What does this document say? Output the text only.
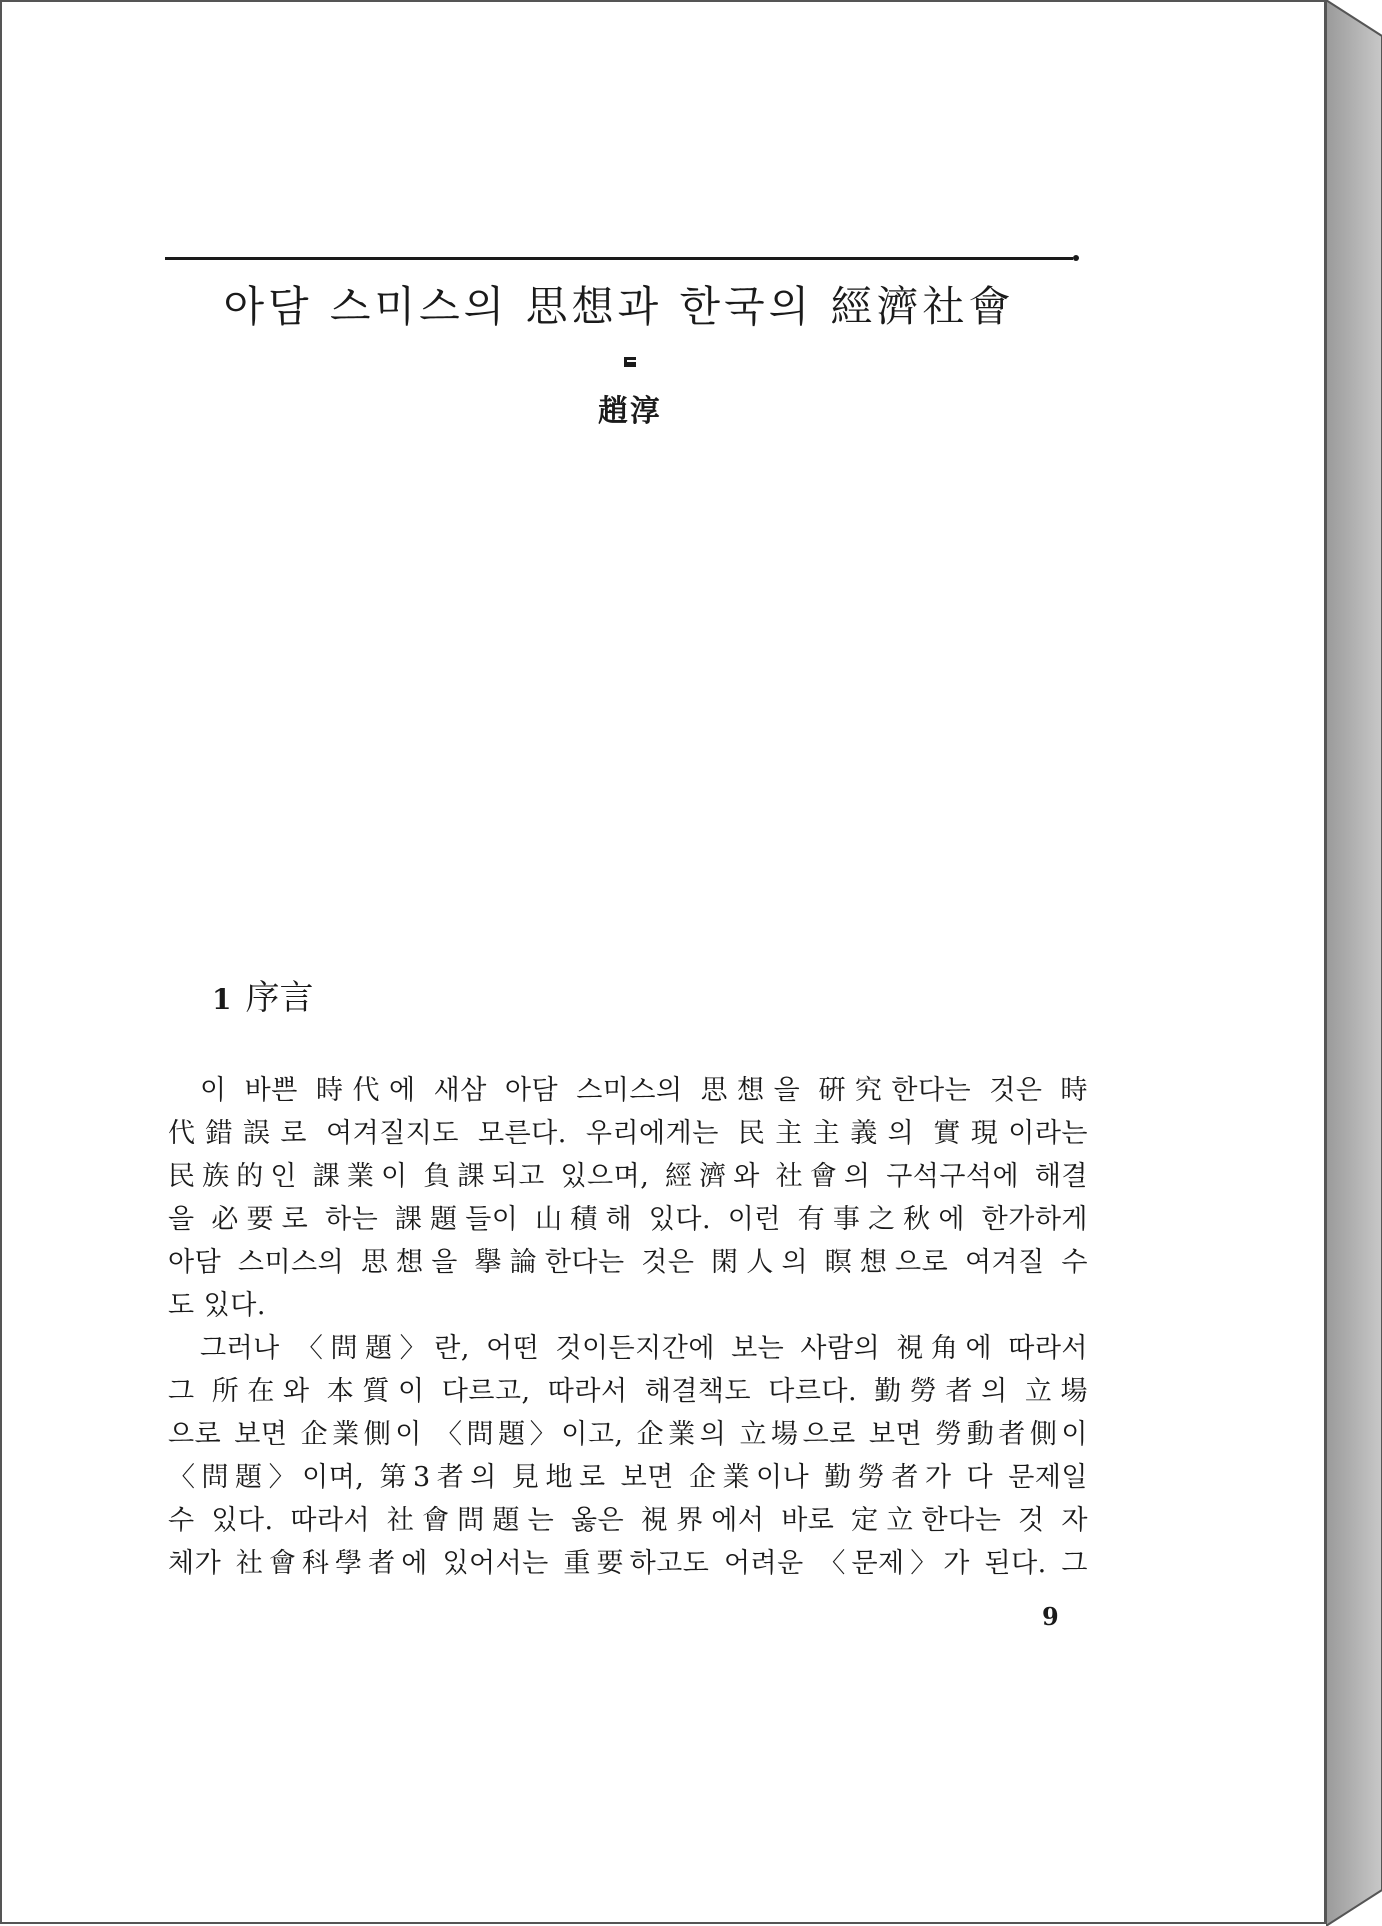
아담 스미스의 思想과 한국의 經濟社會
趙淳
1 序言
이 바쁜 時代에 새삼 아담 스미스의 思想을 硏究한다는 것은 時
代錯誤로 여겨질지도 모른다. 우리에게는 民主主義의 實現이라는
民族的인 課業이 負課되고 있으며, 經濟와 社會의 구석구석에 해결
을 必要로 하는 課題들이 山積해 있다. 이런 有事之秋에 한가하게
아담 스미스의 思想을 擧論한다는 것은 閑人의 瞑想으로 여겨질 수
도 있다.
그러나 〈問題〉란, 어떤 것이든지간에 보는 사람의 視角에 따라서
그 所在와 本質이 다르고, 따라서 해결책도 다르다. 勤勞者의 立場
으로 보면 企業側이 〈問題〉이고, 企業의 立場으로 보면 勞動者側이
〈問題〉이며, 第3者의 見地로 보면 企業이나 勤勞者가 다 문제일
수 있다. 따라서 社會問題는 옳은 視界에서 바로 定立한다는 것 자
체가 社會科學者에 있어서는 重要하고도 어려운 〈문제〉가 된다. 그
9
